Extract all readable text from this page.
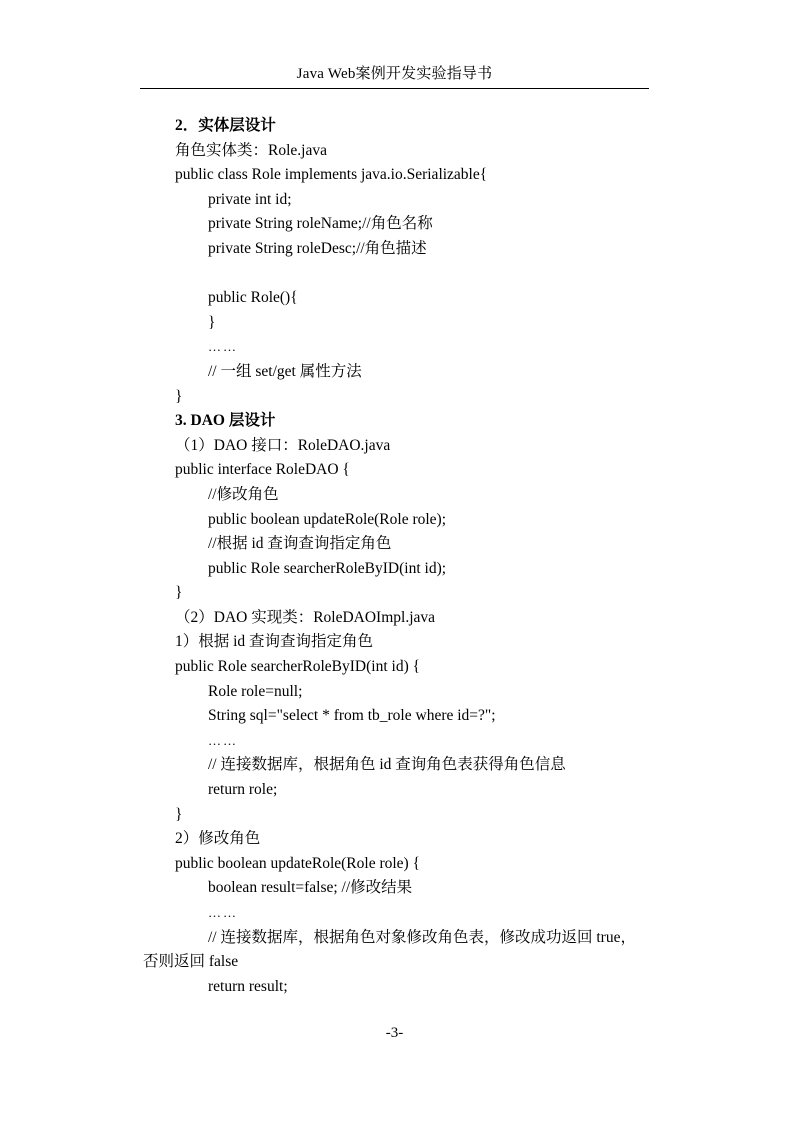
Java Web案例开发实验指导书
2．实体层设计
角色实体类：Role.java
public class Role implements java.io.Serializable{
private int id;
private String roleName;//角色名称
private String roleDesc;//角色描述
public Role(){
}
……
// 一组 set/get 属性方法
}
3. DAO 层设计
（1）DAO 接口：RoleDAO.java
public interface RoleDAO {
//修改角色
public boolean updateRole(Role role);
//根据 id 查询查询指定角色
public Role searcherRoleByID(int id);
}
（2）DAO 实现类：RoleDAOImpl.java
1）根据 id 查询查询指定角色
public Role searcherRoleByID(int id) {
Role role=null;
String sql="select * from tb_role where id=?";
……
// 连接数据库，根据角色 id 查询角色表获得角色信息
return role;
}
2）修改角色
public boolean updateRole(Role role) {
boolean result=false; //修改结果
……
// 连接数据库，根据角色对象修改角色表，修改成功返回 true，
否则返回 false
return result;
-3-
